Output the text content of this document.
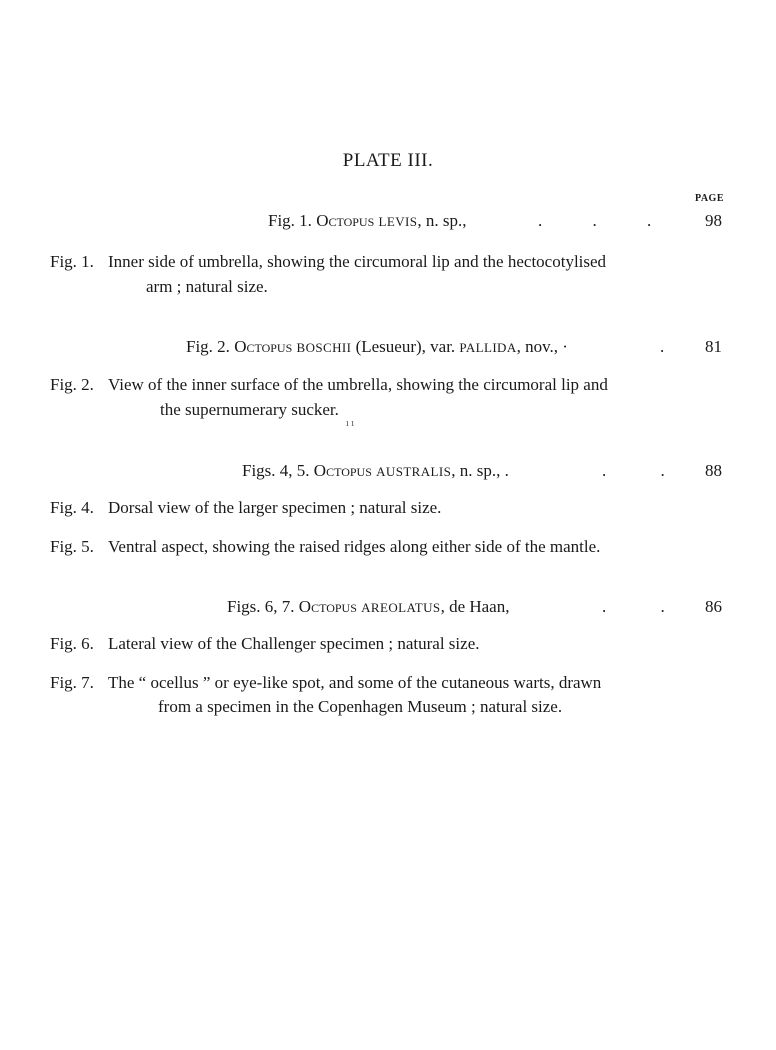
PLATE III.
PAGE
Fig. 1. Octopus LEVIS, n. sp.,	. . .	98
Fig. 1. Inner side of umbrella, showing the circumoral lip and the hectocotylised
arm ; natural size.
Fig. 2. Octopus BOSCHII (Lesueur), var. PALLIDA, nov., ·	. 81
Fig. 2. View of the inner surface of the umbrella, showing the circumoral lip and
the supernumerary sucker.
ı ı
Figs. 4, 5. Octopus AUSTRALIS, n. sp., .	. . 88
Fig. 4. Dorsal view of the larger specimen ; natural size.
Fig. 5. Ventral aspect, showing the raised ridges along either side of the mantle.
Figs. 6, 7. Octopus AREOLATUS, de Haan,	. . 86
Fig. 6. Lateral view of the Challenger specimen ; natural size.
Fig. 7. The “ ocellus ” or eye-like spot, and some of the cutaneous warts, drawn
from a specimen in the Copenhagen Museum ; natural size.
